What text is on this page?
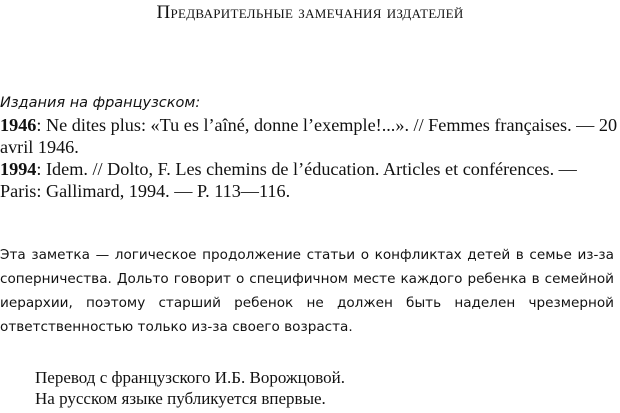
Предварительные замечания издателей
Издания на французском:
1946: Ne dites plus: «Tu es l’aîné, donne l’exemple!...». // Femmes françaises. — 20 avril 1946.
1994: Idem. // Dolto, F. Les chemins de l’éducation. Articles et conférences. — Paris: Gallimard, 1994. — P. 113—116.
Эта заметка — логическое продолжение статьи о конфликтах детей в семье из-за соперничества. Дольто говорит о специфичном месте каждого ребенка в семейной иерархии, поэтому старший ребенок не должен быть наделен чрезмерной ответственностью только из-за своего возраста.
Перевод с французского И.Б. Ворожцовой.
На русском языке публикуется впервые.
